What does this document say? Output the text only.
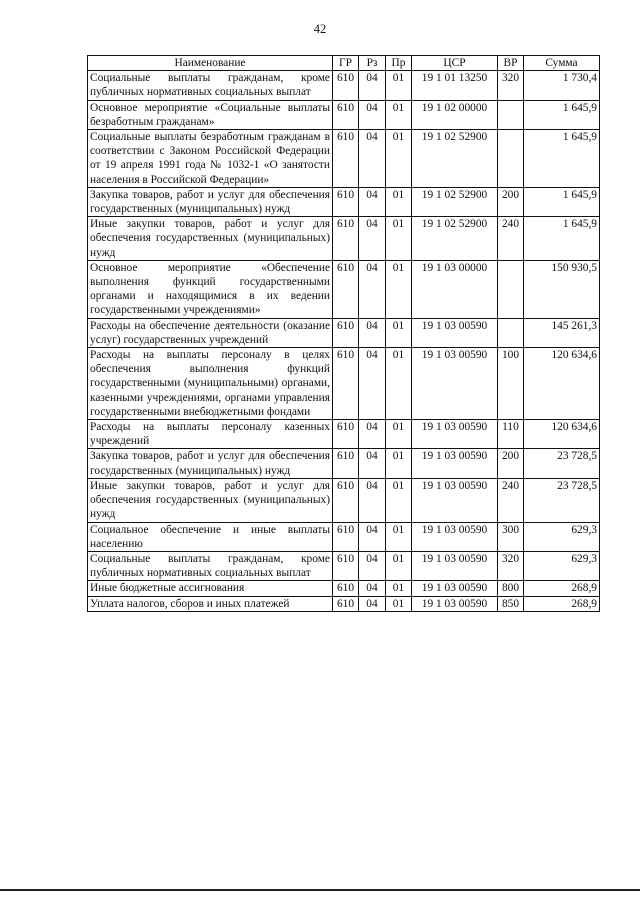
42
Наименование	ГР	Рз	Пр	ЦСР	ВР	Сумма
Социальные выплаты гражданам, кроме публичных нормативных социальных выплат	610	04	01	19 1 01 13250	320	1 730,4
Основное мероприятие «Социальные выплаты безработным гражданам»	610	04	01	19 1 02 00000		1 645,9
Социальные выплаты безработным гражданам в соответствии с Законом Российской Федерации от 19 апреля 1991 года № 1032-1 «О занятости населения в Российской Федерации»	610	04	01	19 1 02 52900		1 645,9
Закупка товаров, работ и услуг для обеспечения государственных (муниципальных) нужд	610	04	01	19 1 02 52900	200	1 645,9
Иные закупки товаров, работ и услуг для обеспечения государственных (муниципальных) нужд	610	04	01	19 1 02 52900	240	1 645,9
Основное мероприятие «Обеспечение выполнения функций государственными органами и находящимися в их ведении государственными учреждениями»	610	04	01	19 1 03 00000		150 930,5
Расходы на обеспечение деятельности (оказание услуг) государственных учреждений	610	04	01	19 1 03 00590		145 261,3
Расходы на выплаты персоналу в целях обеспечения выполнения функций государственными (муниципальными) органами, казенными учреждениями, органами управления государственными внебюджетными фондами	610	04	01	19 1 03 00590	100	120 634,6
Расходы на выплаты персоналу казенных учреждений	610	04	01	19 1 03 00590	110	120 634,6
Закупка товаров, работ и услуг для обеспечения государственных (муниципальных) нужд	610	04	01	19 1 03 00590	200	23 728,5
Иные закупки товаров, работ и услуг для обеспечения государственных (муниципальных) нужд	610	04	01	19 1 03 00590	240	23 728,5
Социальное обеспечение и иные выплаты населению	610	04	01	19 1 03 00590	300	629,3
Социальные выплаты гражданам, кроме публичных нормативных социальных выплат	610	04	01	19 1 03 00590	320	629,3
Иные бюджетные ассигнования	610	04	01	19 1 03 00590	800	268,9
Уплата налогов, сборов и иных платежей	610	04	01	19 1 03 00590	850	268,9
